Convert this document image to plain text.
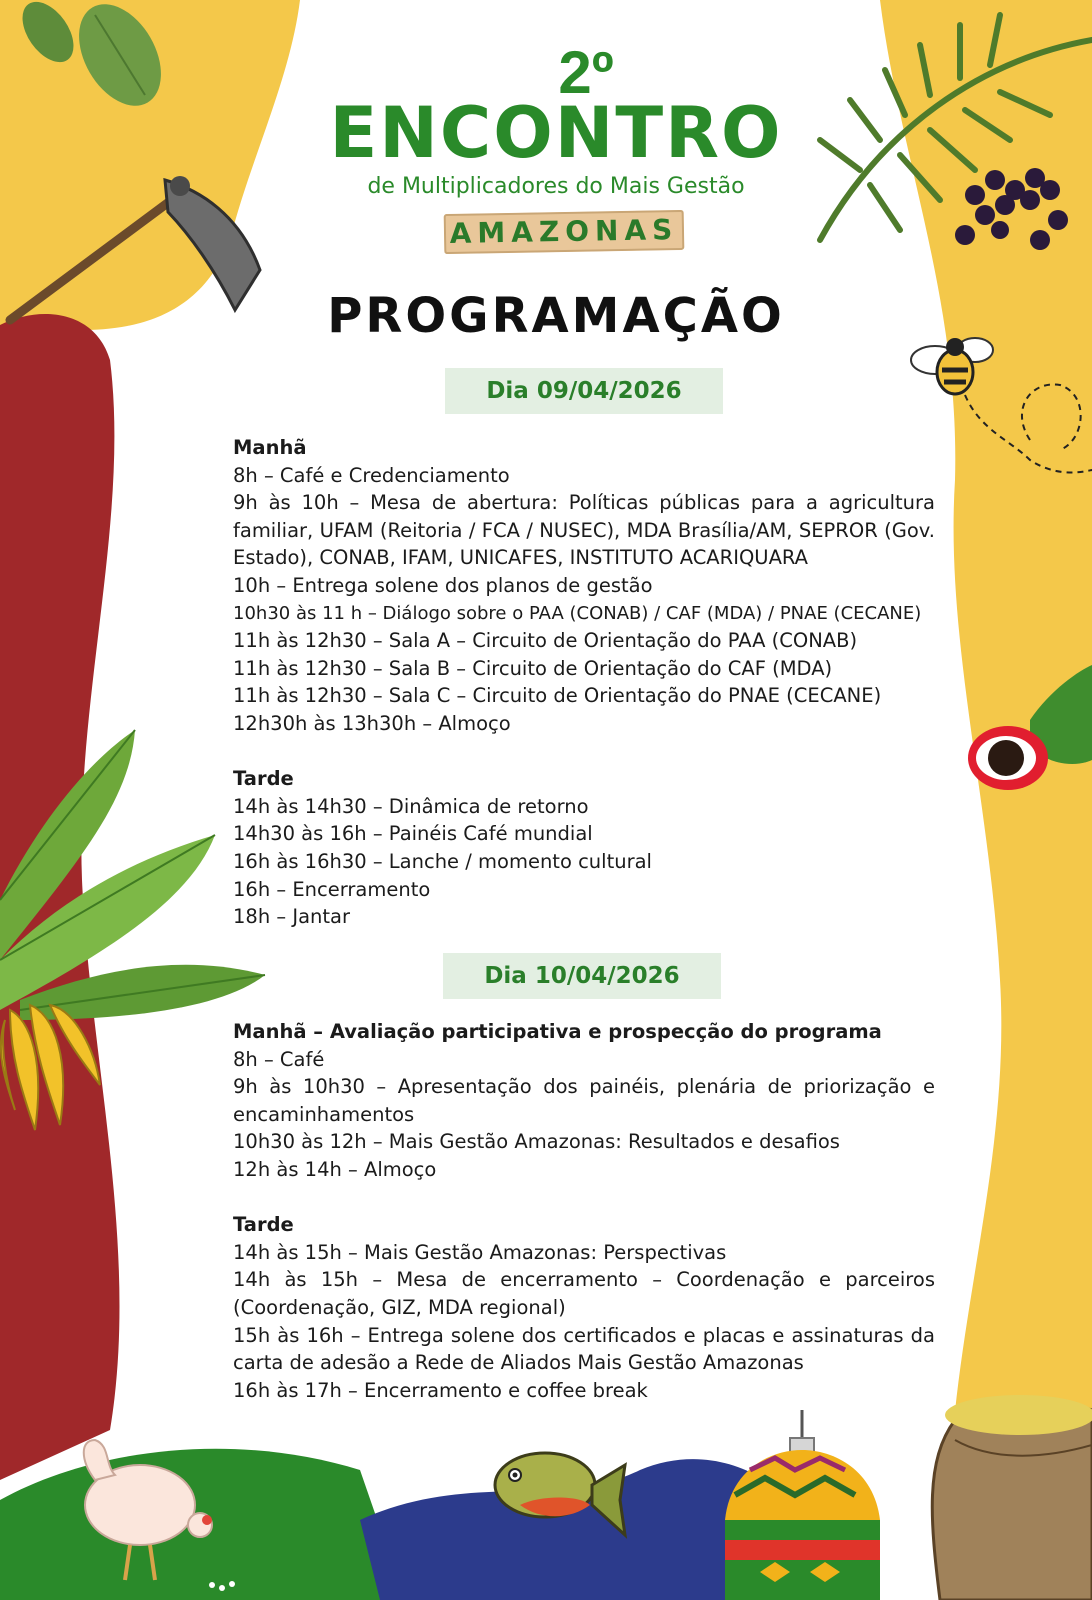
2º
ENCONTRO
de Multiplicadores do Mais Gestão
AMAZONAS
PROGRAMAÇÃO
Dia 09/04/2026
Manhã
8h – Café e Credenciamento
9h às 10h – Mesa de abertura: Políticas públicas para a agricultura familiar, UFAM (Reitoria / FCA / NUSEC), MDA Brasília/AM, SEPROR (Gov. Estado), CONAB, IFAM, UNICAFES, INSTITUTO ACARIQUARA
10h – Entrega solene dos planos de gestão
10h30 às 11 h – Diálogo sobre o PAA (CONAB) / CAF (MDA) / PNAE (CECANE)
11h às 12h30 – Sala A – Circuito de Orientação do PAA (CONAB)
11h às 12h30 – Sala B – Circuito de Orientação do CAF (MDA)
11h às 12h30 – Sala C – Circuito de Orientação do PNAE (CECANE)
12h30h às 13h30h – Almoço
Tarde
14h às 14h30 – Dinâmica de retorno
14h30 às 16h – Painéis Café mundial
16h às 16h30 – Lanche / momento cultural
16h – Encerramento
18h – Jantar
Dia 10/04/2026
Manhã – Avaliação participativa e prospecção do programa
8h – Café
9h às 10h30 – Apresentação dos painéis, plenária de priorização e encaminhamentos
10h30 às 12h – Mais Gestão Amazonas: Resultados e desafios
12h às 14h – Almoço
Tarde
14h às 15h – Mais Gestão Amazonas: Perspectivas
14h às 15h – Mesa de encerramento – Coordenação e parceiros (Coordenação, GIZ, MDA regional)
15h às 16h – Entrega solene dos certificados e placas e assinaturas da carta de adesão a Rede de Aliados Mais Gestão Amazonas
16h às 17h – Encerramento e coffee break
